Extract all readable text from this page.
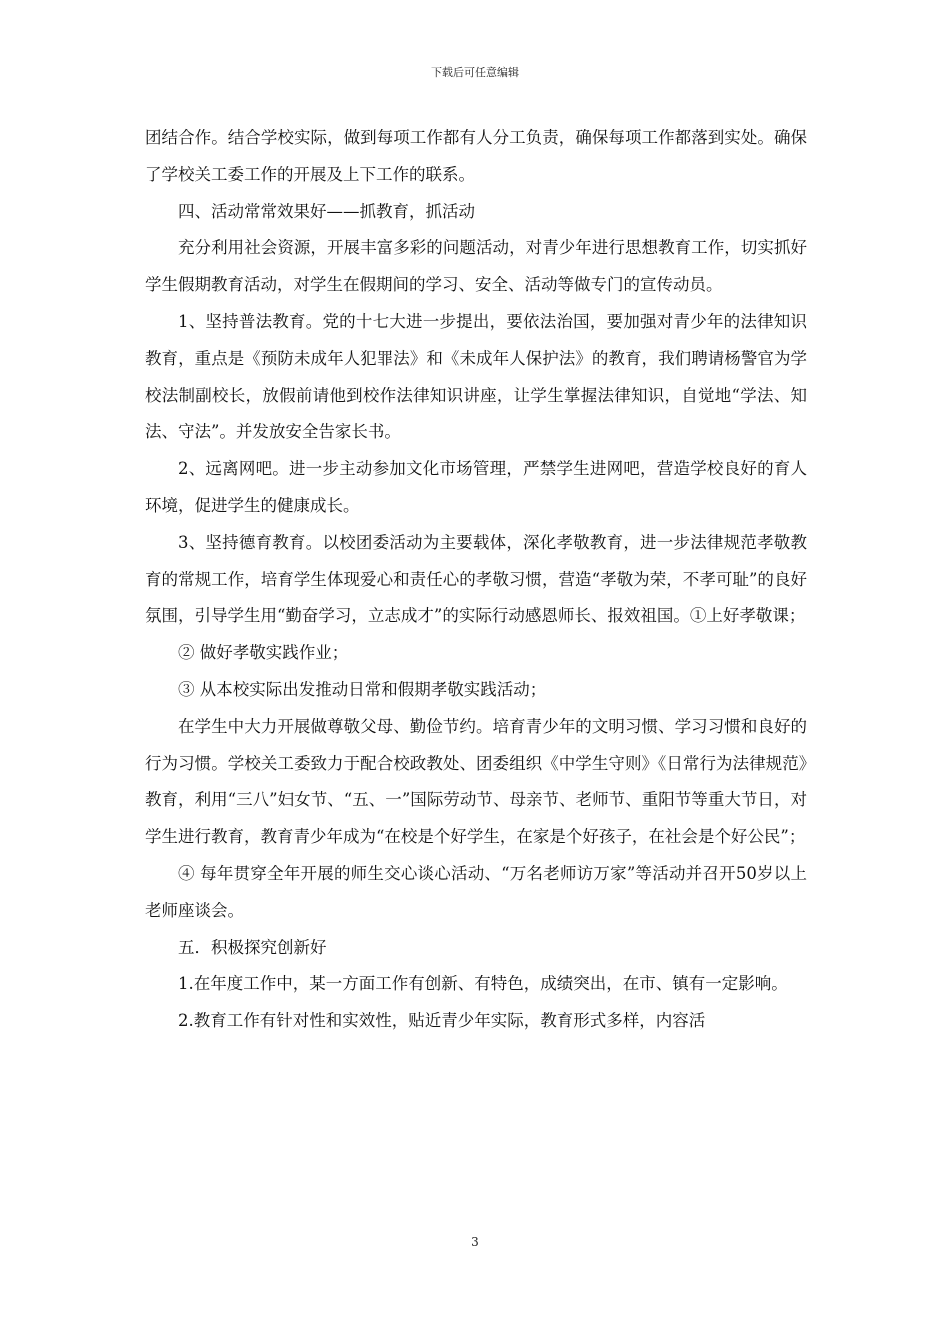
下载后可任意编辑

团结合作。结合学校实际，做到每项工作都有人分工负责，确保每项工作都落到实处。确保了学校关工委工作的开展及上下工作的联系。

四、活动常常效果好——抓教育，抓活动

充分利用社会资源，开展丰富多彩的问题活动，对青少年进行思想教育工作，切实抓好学生假期教育活动，对学生在假期间的学习、安全、活动等做专门的宣传动员。

1、坚持普法教育。党的十七大进一步提出，要依法治国，要加强对青少年的法律知识教育，重点是《预防未成年人犯罪法》和《未成年人保护法》的教育，我们聘请杨警官为学校法制副校长，放假前请他到校作法律知识讲座，让学生掌握法律知识，自觉地“学法、知法、守法”。并发放安全告家长书。

2、远离网吧。进一步主动参加文化市场管理，严禁学生进网吧，营造学校良好的育人环境，促进学生的健康成长。

3、坚持德育教育。以校团委活动为主要载体，深化孝敬教育，进一步法律规范孝敬教育的常规工作，培育学生体现爱心和责任心的孝敬习惯，营造“孝敬为荣，不孝可耻”的良好氛围，引导学生用“勤奋学习，立志成才”的实际行动感恩师长、报效祖国。①上好孝敬课；

② 做好孝敬实践作业；

③ 从本校实际出发推动日常和假期孝敬实践活动；

在学生中大力开展做尊敬父母、勤俭节约。培育青少年的文明习惯、学习习惯和良好的行为习惯。学校关工委致力于配合校政教处、团委组织《中学生守则》《日常行为法律规范》教育，利用“三八”妇女节、“五、一”国际劳动节、母亲节、老师节、重阳节等重大节日，对学生进行教育，教育青少年成为“在校是个好学生，在家是个好孩子，在社会是个好公民”；

④ 每年贯穿全年开展的师生交心谈心活动、“万名老师访万家”等活动并召开50岁以上老师座谈会。

五．积极探究创新好

1.在年度工作中，某一方面工作有创新、有特色，成绩突出，在市、镇有一定影响。

2.教育工作有针对性和实效性，贴近青少年实际，教育形式多样，内容活

3
